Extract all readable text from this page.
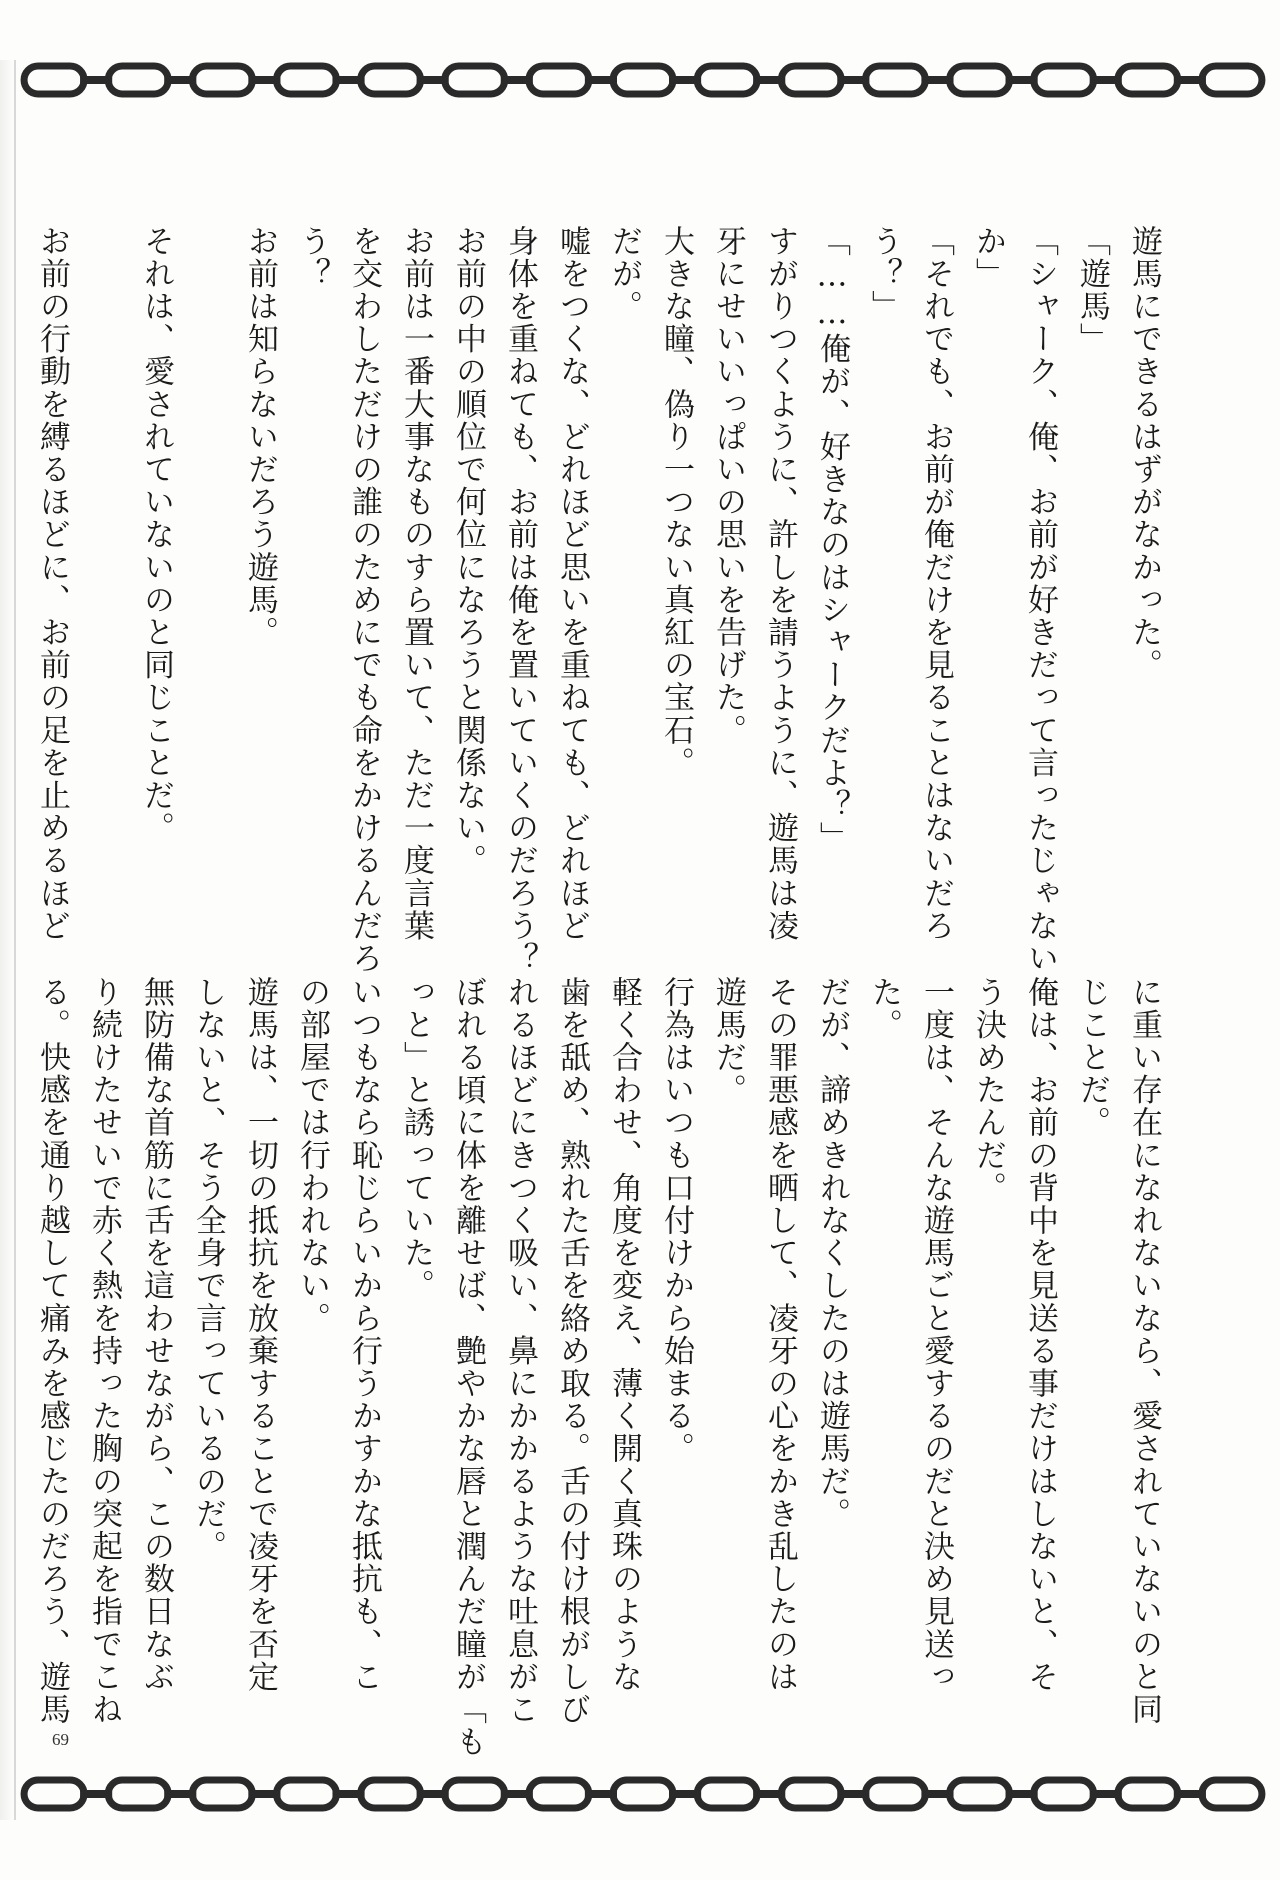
遊馬にできるはずがなかった。
「遊馬」
「シャーク、俺、お前が好きだって言ったじゃない
か」
「それでも、お前が俺だけを見ることはないだろ
う？」
「……俺が、好きなのはシャークだよ？」
すがりつくように、許しを請うように、遊馬は凌
牙にせいいっぱいの思いを告げた。
大きな瞳、偽り一つない真紅の宝石。
だが。
嘘をつくな、どれほど思いを重ねても、どれほど
身体を重ねても、お前は俺を置いていくのだろう？
お前の中の順位で何位になろうと関係ない。
お前は一番大事なものすら置いて、ただ一度言葉
を交わしただけの誰のためにでも命をかけるんだろ
う？
お前は知らないだろう遊馬。

それは、愛されていないのと同じことだ。

お前の行動を縛るほどに、お前の足を止めるほど
に重い存在になれないなら、愛されていないのと同
じことだ。
俺は、お前の背中を見送る事だけはしないと、そ
う決めたんだ。
一度は、そんな遊馬ごと愛するのだと決め見送っ
た。
だが、諦めきれなくしたのは遊馬だ。
その罪悪感を晒して、凌牙の心をかき乱したのは
遊馬だ。
行為はいつも口付けから始まる。
軽く合わせ、角度を変え、薄く開く真珠のような
歯を舐め、熟れた舌を絡め取る。舌の付け根がしび
れるほどにきつく吸い、鼻にかかるような吐息がこ
ぼれる頃に体を離せば、艶やかな唇と潤んだ瞳が「も
っと」と誘っていた。
いつもなら恥じらいから行うかすかな抵抗も、こ
の部屋では行われない。
遊馬は、一切の抵抗を放棄することで凌牙を否定
しないと、そう全身で言っているのだ。
無防備な首筋に舌を這わせながら、この数日なぶ
り続けたせいで赤く熱を持った胸の突起を指でこね
る。快感を通り越して痛みを感じたのだろう、遊馬
69
